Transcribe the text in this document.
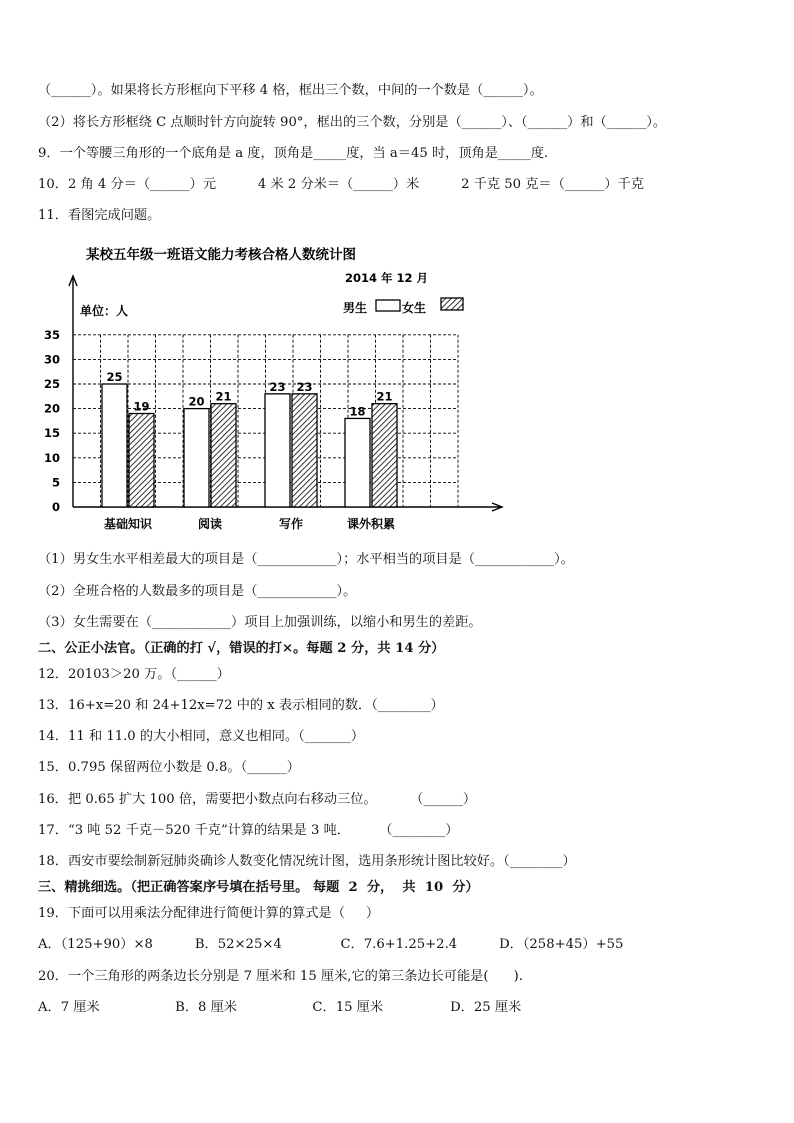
（______）。如果将长方形框向下平移 4 格，框出三个数，中间的一个数是（______）。
（2）将长方形框绕 C 点顺时针方向旋转 90°，框出的三个数，分别是（______）、（______）和（______）。
9．一个等腰三角形的一个底角是 a 度，顶角是_____度，当 a＝45 时，顶角是_____度.
10．2 角 4 分＝（______）元          4 米 2 分米＝（______）米          2 千克 50 克＝（______）千克
11．看图完成问题。
某校五年级一班语文能力考核合格人数统计图
2014 年 12 月
单位：人	男生	女生
0
5
10
15
20
25
30
35
25
19
基础知识
20 21
阅读
23 23
写作
18
21
课外积累
（1）男女生水平相差最大的项目是（____________）；水平相当的项目是（____________）。
（2）全班合格的人数最多的项目是（____________）。
（3）女生需要在（____________）项目上加强训练，以缩小和男生的差距。
二、公正小法官。（正确的打 √，错误的打×。每题 2 分，共 14 分）
12．20103＞20 万。（______）
13．16+x=20 和 24+12x=72 中的 x 表示相同的数．（________）
14．11 和 11.0 的大小相同，意义也相同。（_______）
15．0.795 保留两位小数是 0.8。（______）
16．把 0.65 扩大 100 倍，需要把小数点向右移动三位。        （______）
17．“3 吨 52 千克－520 千克”计算的结果是 3 吨．       （________）
18．西安市要绘制新冠肺炎确诊人数变化情况统计图，选用条形统计图比较好。（________）
三、精挑细选。（把正确答案序号填在括号里。 每题  2  分，  共  10  分）
19．下面可以用乘法分配律进行简便计算的算式是（     ）
A．（125+90）×8          B．52×25×4              C．7.6+1.25+2.4          D．（258+45）+55
20．一个三角形的两条边长分别是 7 厘米和 15 厘米,它的第三条边长可能是(      ).
A．7 厘米                  B．8 厘米                  C．15 厘米                D．25 厘米
